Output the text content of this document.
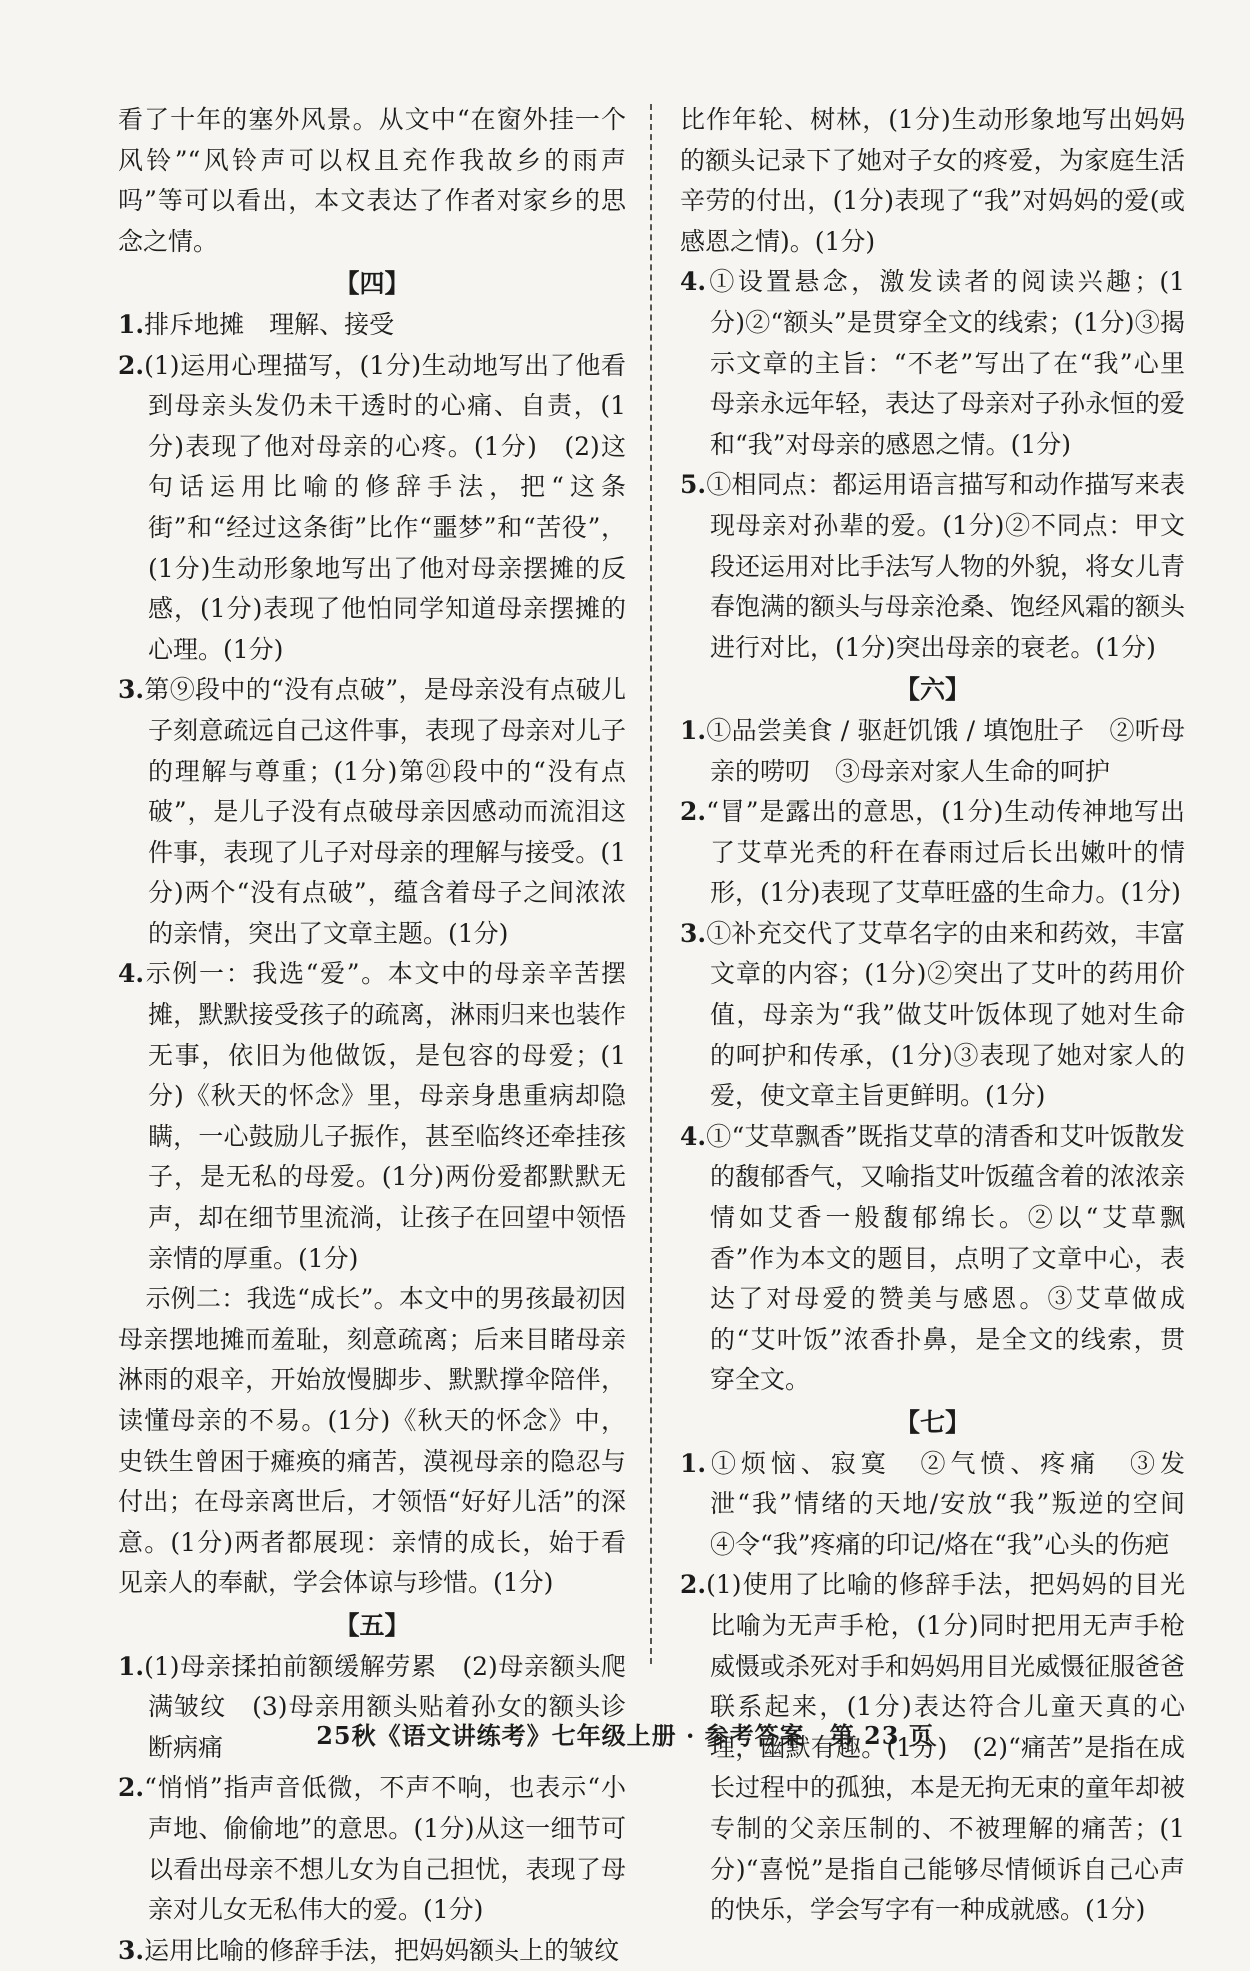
看了十年的塞外风景。从文中“在窗外挂一个风铃”“风铃声可以权且充作我故乡的雨声吗”等可以看出，本文表达了作者对家乡的思念之情。

【四】

1.排斥地摊　理解、接受

2.(1)运用心理描写，(1分)生动地写出了他看到母亲头发仍未干透时的心痛、自责，(1分)表现了他对母亲的心疼。(1分)　(2)这句话运用比喻的修辞手法，把“这条街”和“经过这条街”比作“噩梦”和“苦役”，(1分)生动形象地写出了他对母亲摆摊的反感，(1分)表现了他怕同学知道母亲摆摊的心理。(1分)

3.第⑨段中的“没有点破”，是母亲没有点破儿子刻意疏远自己这件事，表现了母亲对儿子的理解与尊重；(1分)第㉑段中的“没有点破”，是儿子没有点破母亲因感动而流泪这件事，表现了儿子对母亲的理解与接受。(1分)两个“没有点破”，蕴含着母子之间浓浓的亲情，突出了文章主题。(1分)

4.示例一：我选“爱”。本文中的母亲辛苦摆摊，默默接受孩子的疏离，淋雨归来也装作无事，依旧为他做饭，是包容的母爱；(1分)《秋天的怀念》里，母亲身患重病却隐瞒，一心鼓励儿子振作，甚至临终还牵挂孩子，是无私的母爱。(1分)两份爱都默默无声，却在细节里流淌，让孩子在回望中领悟亲情的厚重。(1分)

示例二：我选“成长”。本文中的男孩最初因母亲摆地摊而羞耻，刻意疏离；后来目睹母亲淋雨的艰辛，开始放慢脚步、默默撑伞陪伴，读懂母亲的不易。(1分)《秋天的怀念》中，史铁生曾困于瘫痪的痛苦，漠视母亲的隐忍与付出；在母亲离世后，才领悟“好好儿活”的深意。(1分)两者都展现：亲情的成长，始于看见亲人的奉献，学会体谅与珍惜。(1分)

【五】

1.(1)母亲揉拍前额缓解劳累　(2)母亲额头爬满皱纹　(3)母亲用额头贴着孙女的额头诊断病痛

2.“悄悄”指声音低微，不声不响，也表示“小声地、偷偷地”的意思。(1分)从这一细节可以看出母亲不想儿女为自己担忧，表现了母亲对儿女无私伟大的爱。(1分)

3.运用比喻的修辞手法，把妈妈额头上的皱纹

比作年轮、树林，(1分)生动形象地写出妈妈的额头记录下了她对子女的疼爱，为家庭生活辛劳的付出，(1分)表现了“我”对妈妈的爱(或感恩之情)。(1分)

4.①设置悬念，激发读者的阅读兴趣；(1分)②“额头”是贯穿全文的线索；(1分)③揭示文章的主旨：“不老”写出了在“我”心里母亲永远年轻，表达了母亲对子孙永恒的爱和“我”对母亲的感恩之情。(1分)

5.①相同点：都运用语言描写和动作描写来表现母亲对孙辈的爱。(1分)②不同点：甲文段还运用对比手法写人物的外貌，将女儿青春饱满的额头与母亲沧桑、饱经风霜的额头进行对比，(1分)突出母亲的衰老。(1分)

【六】

1.①品尝美食 / 驱赶饥饿 / 填饱肚子　②听母亲的唠叨　③母亲对家人生命的呵护

2.“冒”是露出的意思，(1分)生动传神地写出了艾草光秃的秆在春雨过后长出嫩叶的情形，(1分)表现了艾草旺盛的生命力。(1分)

3.①补充交代了艾草名字的由来和药效，丰富文章的内容；(1分)②突出了艾叶的药用价值，母亲为“我”做艾叶饭体现了她对生命的呵护和传承，(1分)③表现了她对家人的爱，使文章主旨更鲜明。(1分)

4.①“艾草飘香”既指艾草的清香和艾叶饭散发的馥郁香气，又喻指艾叶饭蕴含着的浓浓亲情如艾香一般馥郁绵长。②以“艾草飘香”作为本文的题目，点明了文章中心，表达了对母爱的赞美与感恩。③艾草做成的“艾叶饭”浓香扑鼻，是全文的线索，贯穿全文。

【七】

1.①烦恼、寂寞　②气愤、疼痛　③发泄“我”情绪的天地/安放“我”叛逆的空间　④令“我”疼痛的印记/烙在“我”心头的伤疤

2.(1)使用了比喻的修辞手法，把妈妈的目光比喻为无声手枪，(1分)同时把用无声手枪威慑或杀死对手和妈妈用目光威慑征服爸爸联系起来，(1分)表达符合儿童天真的心理，幽默有趣。(1分)　(2)“痛苦”是指在成长过程中的孤独，本是无拘无束的童年却被专制的父亲压制的、不被理解的痛苦；(1分)“喜悦”是指自己能够尽情倾诉自己心声的快乐，学会写字有一种成就感。(1分)

25秋《语文讲练考》七年级上册 · 参考答案　第 23 页
